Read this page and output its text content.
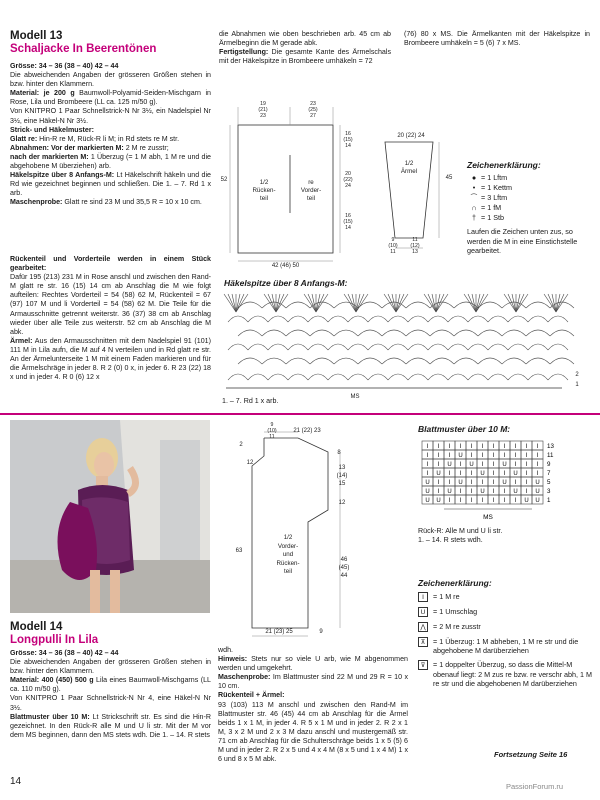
Modell 13
Schaljacke In Beerentönen

Grösse: 34 – 36 (38 – 40) 42 – 44

Die abweichenden Angaben der grösseren Größen stehen in bzw. hinter den Klammern.

Material: je 200 g Baumwoll-Polyamid-Seiden-Mischgarn in Rose, Lila und Brombeere (LL ca. 125 m/50 g).

Von KNITPRO 1 Paar Schnellstrick-N Nr 3½, ein Nadelspiel Nr 3½, eine Häkel-N Nr 3½.

Strick- und Häkelmuster:

Glatt re: Hin-R re M, Rück-R li M; in Rd stets re M str.

Abnahmen: Vor der markierten M: 2 M re zusstr;

nach der markierten M: 1 Überzug (= 1 M abh, 1 M re und die abgehobene M überziehen) arb.

Häkelspitze über 8 Anfangs-M: Lt Häkelschrift häkeln und die Rd wie gezeichnet beginnen und schließen. Die 1. – 7. Rd 1 x arb.

Maschenprobe: Glatt re sind 23 M und 35,5 R = 10 x 10 cm.

Rückenteil und Vorderteile werden in einem Stück gearbeitet:

Dafür 195 (213) 231 M in Rose anschl und zwischen den Rand-M glatt re str. 16 (15) 14 cm ab Anschlag die M wie folgt aufteilen: Rechtes Vorderteil = 54 (58) 62 M, Rückenteil = 67 (97) 107 M und li Vorderteil = 54 (58) 62 M. Die Teile für die Armausschnitte getrennt weiterstr. 36 (37) 38 cm ab Anschlag wieder über alle Teile zus weiterstr. 52 cm ab Anschlag die M abk.

Ärmel: Aus den Armausschnitten mit dem Nadelspiel 91 (101) 111 M in Lila aufn, die M auf 4 N verteilen und in Rd glatt re str. An der Ärmelunterseite 1 M mit einem Faden markieren und für die Ärmelschräge in jeder 8. R 2 (0) 0 x, in jeder 6. R 23 (22) 18 x und in jeder 4. R 0 (6) 12 x

die Abnahmen wie oben beschrieben arb. 45 cm ab Ärmelbeginn die M gerade abk.

Fertigstellung: Die gesamte Kante des Ärmelschals mit der Häkelspitze in Brombeere umhäkeln = 72

(76) 80 x MS. Die Ärmelkanten mit der Häkelspitze in Brombeere umhäkeln = 5 (6) 7 x MS.

19
(21)
23
23
(25)
27
16
(15)
14
20
(22)
24
16
(15)
14
52	1/2
Rücken-
teil
re
Vorder-
teil
42 (46) 50
20 (22) 24
1/2
Ärmel
45
9
(10)
11
11
(12)
13
Zeichenerklärung:
● = 1 Lftm
• = 1 Kettm
⁀ = 3 Lftm
∩ = 1 fM
† = 1 Stb
Laufen die Zeichen unten zus, so werden die M in eine Einstichstelle gearbeitet.
Häkelspitze über 8 Anfangs-M:
MS
2
1
1. – 7. Rd 1 x arb.
Modell 14
Longpulli In Lila

Grösse: 34 – 36 (38 – 40) 42 – 44

Die abweichenden Angaben der grösseren Größen stehen in bzw. hinter den Klammern.

Material: 400 (450) 500 g Lila eines Baumwoll-Mischgarns (LL ca. 110 m/50 g).

Von KNITPRO 1 Paar Schnellstrick-N Nr 4, eine Häkel-N Nr 3½.

Blattmuster über 10 M: Lt Strickschrift str. Es sind die Hin-R gezeichnet. In den Rück-R alle M und U li str. Mit der M vor dem MS beginnen, dann den MS stets wdh. Die 1. – 14. R stets

9
(10)
11
21 (22) 23
2
12
8
13
(14)
15
12
63
1/2
Vorder-
und
Rücken-
teil
46
(45)
44
21 (23) 25	9
Blattmuster über 10 M:
I I I I I I I I I I I
I I I U I I I I I I I
I I U I U I I U I I I
I U I I I U I I U I I
U I I U I I I U I I U
U I U I I U I I U I U
U U I I I I I I I U U
13
11
9
7
5
3
1
MS

Rück-R: Alle M und U li str.

1. – 14. R stets wdh.

Zeichenerklärung:
I	= 1 M re
U	= 1 Umschlag
⋀	= 2 M re zusstr
⊼	= 1 Überzug: 1 M abheben, 1 M re str und die abgehobene M darüberziehen
⊽	= 1 doppelter Überzug, so dass die Mittel-M obenauf liegt: 2 M zus re bzw. re verschr abh, 1 M re str und die abgehobenen M darüberziehen

wdh.

Hinweis: Stets nur so viele U arb, wie M abgenommen werden und umgekehrt.

Maschenprobe: Im Blattmuster sind 22 M und 29 R = 10 x 10 cm.

Rückenteil + Ärmel:

93 (103) 113 M anschl und zwischen den Rand-M im Blattmuster str. 46 (45) 44 cm ab Anschlag für die Ärmel beids 1 x 1 M, in jeder 4. R 5 x 1 M und in jeder 2. R 2 x 1 M, 3 x 2 M und 2 x 3 M dazu anschl und mustergemäß str. 71 cm ab Anschlag für die Schulterschräge beids 1 x 5 (5) 6 M und in jeder 2. R 2 x 5 und 4 x 4 M (8 x 5 und 1 x 4 M) 1 x 6 und 8 x 5 M abk.

14
Fortsetzung Seite 16
PassionForum.ru
